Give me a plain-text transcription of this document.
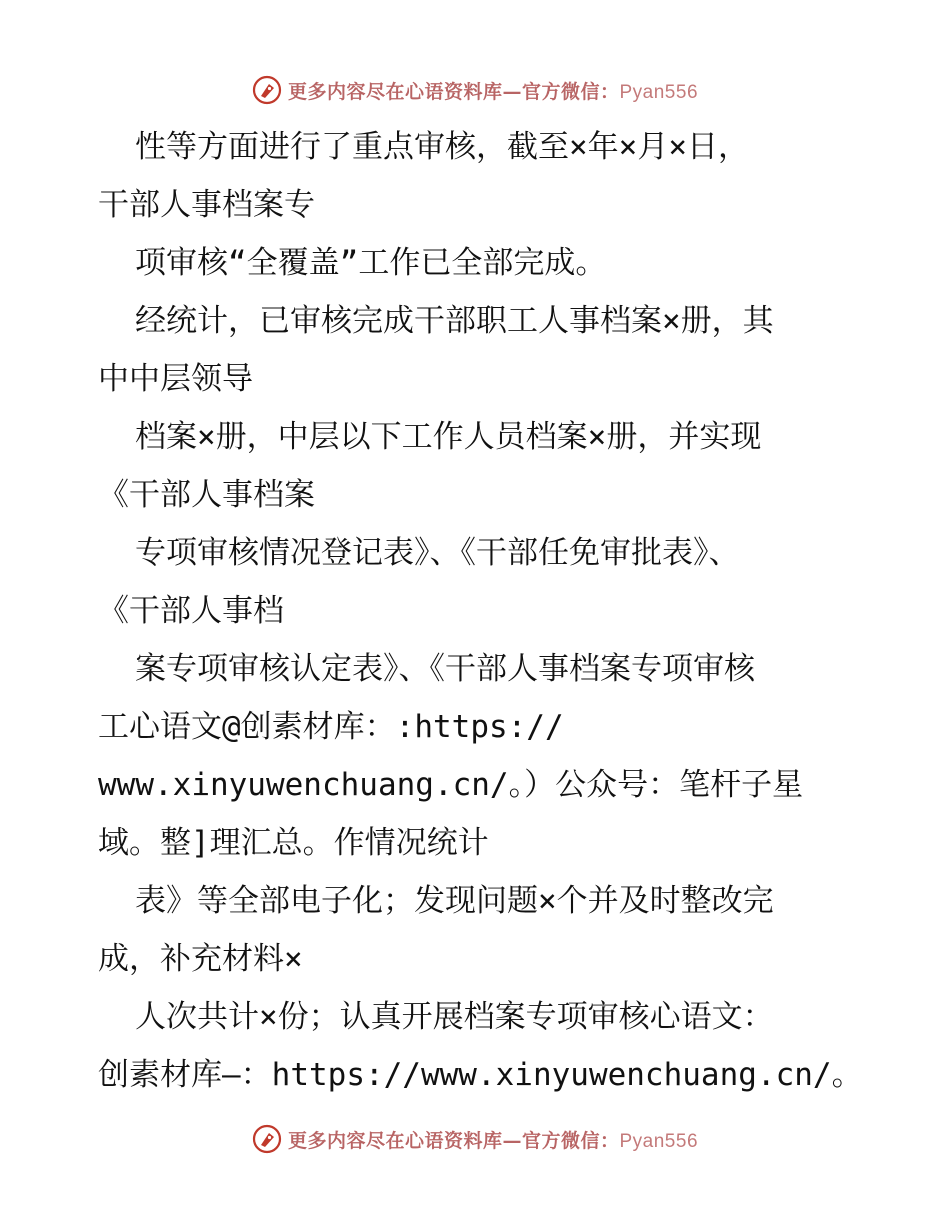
更多内容尽在心语资料库—官方微信：Pyan556
性等方面进行了重点审核，截至×年×月×日，
干部人事档案专
项审核“全覆盖”工作已全部完成。
经统计，已审核完成干部职工人事档案×册，其
中中层领导
档案×册，中层以下工作人员档案×册，并实现
《干部人事档案
专项审核情况登记表》、《干部任免审批表》、
《干部人事档
案专项审核认定表》、《干部人事档案专项审核
工心语文@创素材库：:https://
www.xinyuwenchuang.cn/。）公众号：笔杆子星
域。整]理汇总。作情况统计
表》等全部电子化；发现问题×个并及时整改完
成，补充材料×
人次共计×份；认真开展档案专项审核心语文：
创素材库—：https://www.xinyuwenchuang.cn/。
更多内容尽在心语资料库—官方微信：Pyan556
